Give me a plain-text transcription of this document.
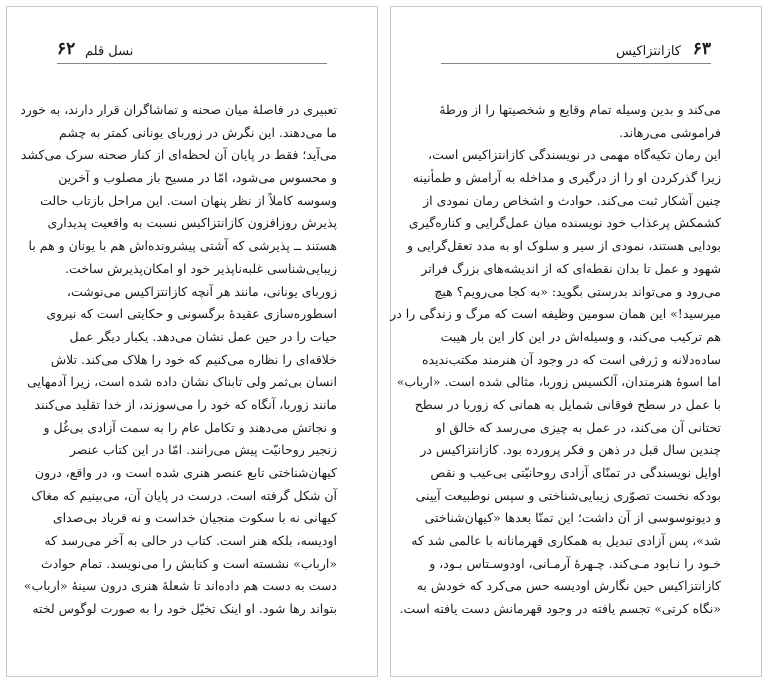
۶۲ نسل قلم
تعبیری در فاصلهٔ میان صحنه و تماشاگران قرار دارند، به خورد
ما می‌دهند. این نگرش در زوربای یونانی کمتر به چشم
می‌آید؛ فقط در پایان آن لحظه‌ای از کنار صحنه سرک می‌کشد
و محسوس می‌شود، امّا در مسیح باز مصلوب و آخرین
وسوسه کاملاً از نظر پنهان است. این مراحل بازتاب حالت
پذیرش روزافزون کازانتزاکیس نسبت به واقعیت پدیداری
هستند ــ پذیرشی که آشتی پیشرونده‌اش هم با یونان و هم با
زیبایی‌شناسی غلبه‌ناپذیر خود او امکان‌پذیرش ساخت.
زوربای یونانی، مانند هر آنچه کازانتزاکیس می‌نوشت،
اسطوره‌سازی عقیدهٔ برگسونی و حکایتی است که نیروی
حیات را در حین عمل نشان می‌دهد. یکبار دیگر عمل
خلاقه‌ای را نظاره می‌کنیم که خود را هلاک می‌کند. تلاش
انسان بی‌ثمر ولی تابناک نشان داده شده است، زیرا آدمهایی
مانند زوربا، آنگاه که خود را می‌سوزند، از خدا تقلید می‌کنند
و نجاتش می‌دهند و تکامل عام را به سمت آزادی بی‌غُل و
زنجیر روحانیّت پیش می‌رانند. امّا در این کتاب عنصر
کیهان‌شناختی تابع عنصر هنری شده است و، در واقع، درون
آن شکل گرفته است. درست در پایان آن، می‌بینیم که مغاک
کیهانی نه با سکوت منجیان خداست و نه فریاد بی‌صدای
اودیسه، بلکه هنر است. کتاب در حالی به آخر می‌رسد که
«ارباب» نشسته است و کتابش را می‌نویسد. تمام حوادث
دست به دست هم داده‌اند تا شعلهٔ هنری درون سینهٔ «ارباب»
بتواند رها شود. او اینک تخیّل خود را به صورت لوگوس لخته
۶۳
کازانتزاکیس
می‌کند و بدین وسیله تمام وقایع و شخصیتها را از ورطهٔ
فراموشی می‌رهاند.
این رمان تکیه‌گاه مهمی در نویسندگی کازانتزاکیس است،
زیرا گذرکردن او را از درگیری و مداخله به آرامش و طمأنینه
چنین آشکار ثبت می‌کند. حوادث و اشخاص رمان نمودی از
کشمکش پرعذاب خود نویسنده میان عمل‌گرایی و کناره‌گیری
بودایی هستند، نمودی از سیر و سلوک او به مدد تعقل‌گرایی و
شهود و عمل تا بدان نقطه‌ای که از اندیشه‌های بزرگ فراتر
می‌رود و می‌تواند بدرستی بگوید: «به کجا می‌رویم؟ هیچ
میرسید!» این همان سومین وظیفه است که مرگ و زندگی را در
هم ترکیب می‌کند، و وسیله‌اش در این کار این بار هیبت
ساده‌دلانه و ژرفی است که در وجود آن هنرمند مکتب‌ندیده
اما اسوهٔ هنرمندان، آلکسیس زوربا، مثالی شده است. «ارباب»
با عمل در سطح فوقانی شمایل به همانی که زوربا در سطح
تحتانی آن می‌کند، در عمل به چیزی می‌رسد که خالق او
چندین سال قبل در ذهن و فکر پرورده بود. کازانتزاکیس در
اوایل نویسندگی در تمنّای آزادی روحانیّتی بی‌عیب و نقص
بودکه نخست تصوّری زیبایی‌شناختی و سپس نوطبیعت آیینی
و دیونوسوسی از آن داشت؛ این تمنّا بعدها «کیهان‌شناختی
شد»، پس آزادی تبدیل به همکاری قهرمانانه با عالمی شد که
خـود را نـابود مـی‌کند. چـهرهٔ آرمـانی، اودوسـتاس بـود، و
کازانتزاکیس حین نگارش اودیسه حس می‌کرد که خودش به
«نگاه کرتی» تجسم یافته در وجود قهرمانش دست یافته است.
